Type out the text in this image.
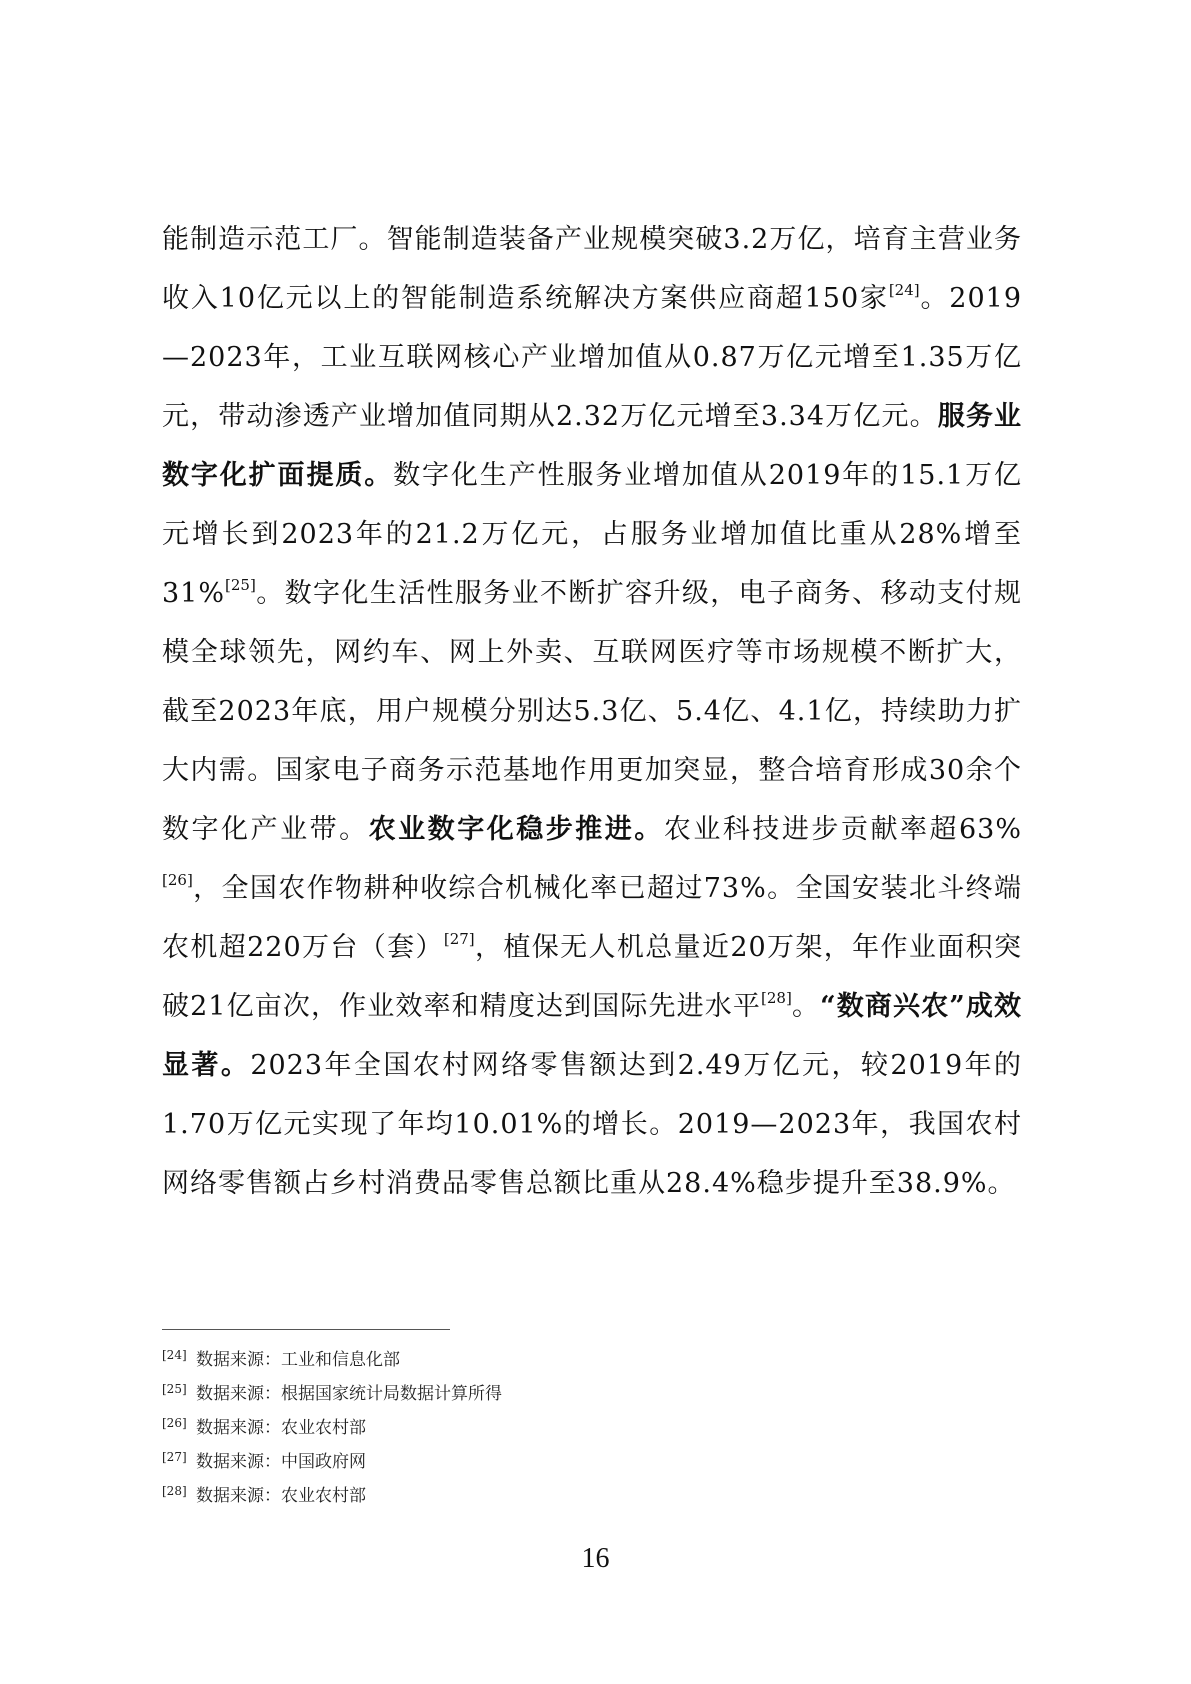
能制造示范工厂。智能制造装备产业规模突破3.2万亿，培育主营业务收入10亿元以上的智能制造系统解决方案供应商超150家[24]。2019—2023年，工业互联网核心产业增加值从0.87万亿元增至1.35万亿元，带动渗透产业增加值同期从2.32万亿元增至3.34万亿元。服务业数字化扩面提质。数字化生产性服务业增加值从2019年的15.1万亿元增长到2023年的21.2万亿元，占服务业增加值比重从28%增至31%[25]。数字化生活性服务业不断扩容升级，电子商务、移动支付规模全球领先，网约车、网上外卖、互联网医疗等市场规模不断扩大，截至2023年底，用户规模分别达5.3亿、5.4亿、4.1亿，持续助力扩大内需。国家电子商务示范基地作用更加突显，整合培育形成30余个数字化产业带。农业数字化稳步推进。农业科技进步贡献率超63%[26]，全国农作物耕种收综合机械化率已超过73%。全国安装北斗终端农机超220万台（套）[27]，植保无人机总量近20万架，年作业面积突破21亿亩次，作业效率和精度达到国际先进水平[28]。“数商兴农”成效显著。2023年全国农村网络零售额达到2.49万亿元，较2019年的1.70万亿元实现了年均10.01%的增长。2019—2023年，我国农村网络零售额占乡村消费品零售总额比重从28.4%稳步提升至38.9%。

[24] 数据来源：工业和信息化部
[25] 数据来源：根据国家统计局数据计算所得
[26] 数据来源：农业农村部
[27] 数据来源：中国政府网
[28] 数据来源：农业农村部
16
